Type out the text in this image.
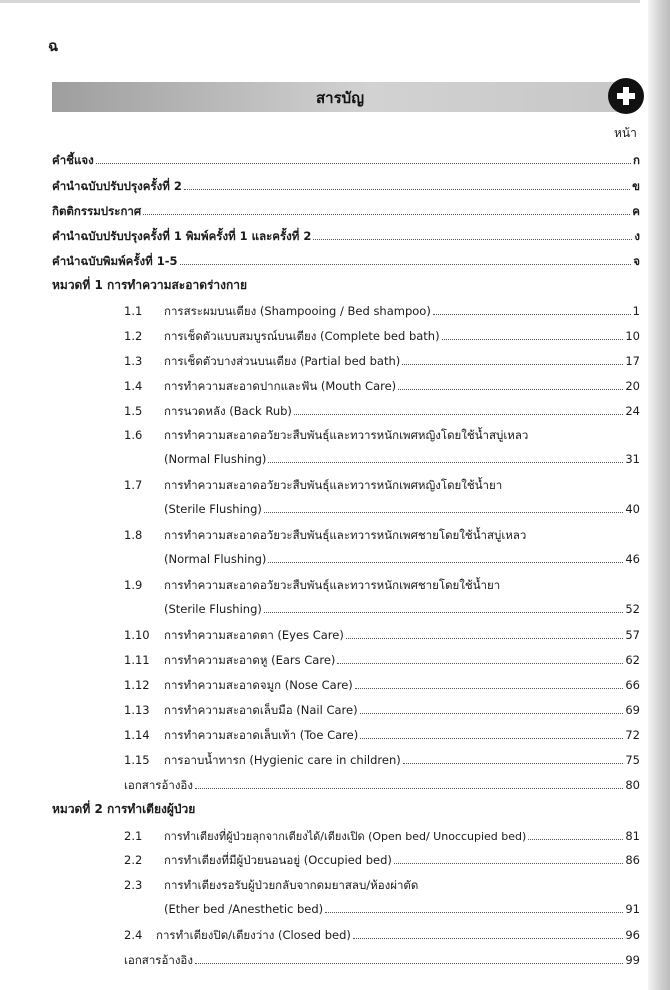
ฉ
สารบัญ
หน้า
คำชี้แจง	ก
คำนำฉบับปรับปรุงครั้งที่ 2	ข
กิตติกรรมประกาศ	ค
คำนำฉบับปรับปรุงครั้งที่ 1 พิมพ์ครั้งที่ 1 และครั้งที่ 2	ง
คำนำฉบับพิมพ์ครั้งที่ 1-5	จ
หมวดที่ 1 การทำความสะอาดร่างกาย
1.1	การสระผมบนเตียง (Shampooing / Bed shampoo)	1
1.2	การเช็ดตัวแบบสมบูรณ์บนเตียง (Complete bed bath)	10
1.3	การเช็ดตัวบางส่วนบนเตียง (Partial bed bath)	17
1.4	การทำความสะอาดปากและฟัน (Mouth Care)	20
1.5	การนวดหลัง (Back Rub)	24
1.6 การทำความสะอาดอวัยวะสืบพันธุ์และทวารหนักเพศหญิงโดยใช้น้ำสบู่เหลว
(Normal Flushing)	31
1.7 การทำความสะอาดอวัยวะสืบพันธุ์และทวารหนักเพศหญิงโดยใช้น้ำยา
(Sterile Flushing)	40
1.8 การทำความสะอาดอวัยวะสืบพันธุ์และทวารหนักเพศชายโดยใช้น้ำสบู่เหลว
(Normal Flushing)	46
1.9 การทำความสะอาดอวัยวะสืบพันธุ์และทวารหนักเพศชายโดยใช้น้ำยา
(Sterile Flushing)	52
1.10	การทำความสะอาดตา (Eyes Care)	57
1.11	การทำความสะอาดหู (Ears Care)	62
1.12	การทำความสะอาดจมูก (Nose Care)	66
1.13	การทำความสะอาดเล็บมือ (Nail Care)	69
1.14	การทำความสะอาดเล็บเท้า (Toe Care)	72
1.15	การอาบน้ำทารก (Hygienic care in children)	75
เอกสารอ้างอิง	80
หมวดที่ 2 การทำเตียงผู้ป่วย
2.1	การทำเตียงที่ผู้ป่วยลุกจากเตียงได้/เตียงเปิด (Open bed/ Unoccupied bed)	81
2.2	การทำเตียงที่มีผู้ป่วยนอนอยู่ (Occupied bed)	86
2.3 การทำเตียงรอรับผู้ป่วยกลับจากดมยาสลบ/ห้องผ่าตัด
(Ether bed /Anesthetic bed)	91
2.4	การทำเตียงปิด/เตียงว่าง (Closed bed)	96
เอกสารอ้างอิง	99
